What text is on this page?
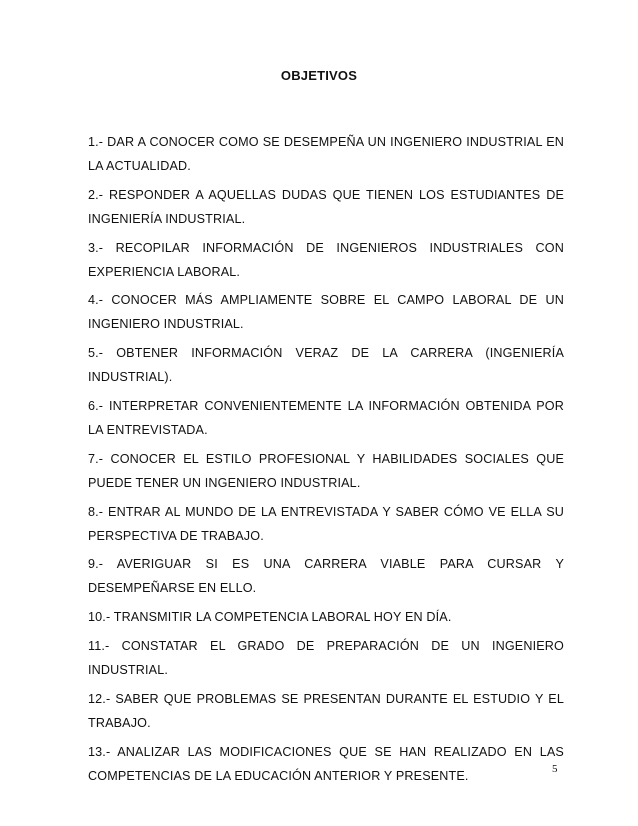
OBJETIVOS
1.- DAR A CONOCER COMO SE DESEMPEÑA UN INGENIERO INDUSTRIAL EN LA ACTUALIDAD.
2.- RESPONDER A AQUELLAS DUDAS QUE TIENEN LOS ESTUDIANTES DE INGENIERÍA INDUSTRIAL.
3.- RECOPILAR INFORMACIÓN DE INGENIEROS INDUSTRIALES CON EXPERIENCIA LABORAL.
4.- CONOCER MÁS AMPLIAMENTE SOBRE EL CAMPO LABORAL DE UN INGENIERO INDUSTRIAL.
5.- OBTENER INFORMACIÓN VERAZ DE LA CARRERA (INGENIERÍA INDUSTRIAL).
6.- INTERPRETAR CONVENIENTEMENTE LA INFORMACIÓN OBTENIDA POR LA ENTREVISTADA.
7.- CONOCER EL ESTILO PROFESIONAL Y HABILIDADES SOCIALES QUE PUEDE TENER UN INGENIERO INDUSTRIAL.
8.- ENTRAR AL MUNDO DE LA ENTREVISTADA Y SABER CÓMO VE ELLA SU PERSPECTIVA DE TRABAJO.
9.- AVERIGUAR SI ES UNA CARRERA VIABLE PARA CURSAR Y DESEMPEÑARSE EN ELLO.
10.- TRANSMITIR LA COMPETENCIA LABORAL HOY EN DÍA.
11.- CONSTATAR EL GRADO DE PREPARACIÓN DE UN INGENIERO INDUSTRIAL.
12.- SABER QUE PROBLEMAS SE PRESENTAN DURANTE EL ESTUDIO Y EL TRABAJO.
13.- ANALIZAR LAS MODIFICACIONES QUE SE HAN REALIZADO EN LAS COMPETENCIAS DE LA EDUCACIÓN ANTERIOR Y PRESENTE.	5
